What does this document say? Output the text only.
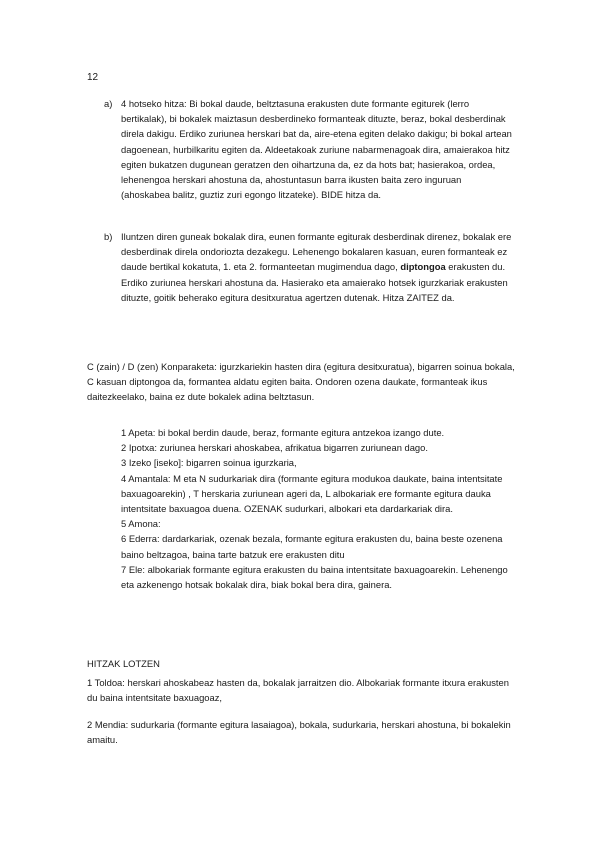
12
a) 4 hotseko hitza: Bi bokal daude, beltztasuna erakusten dute formante egiturek (lerro bertikalak), bi bokalek maiztasun desberdineko formanteak dituzte, beraz, bokal desberdinak direla dakigu. Erdiko zuriunea herskari bat da, aire-etena egiten delako dakigu; bi bokal artean dagoenean, hurbilkaritu egiten da. Aldeetakoak zuriune nabarmenagoak dira, amaierakoa hitz egiten bukatzen dugunean geratzen den oihartzuna da, ez da hots bat; hasierakoa, ordea, lehenengoa herskari ahostuna da, ahostuntasun barra ikusten baita zero inguruan (ahoskabea balitz, guztiz zuri egongo litzateke). BIDE hitza da.

b) Iluntzen diren guneak bokalak dira, eunen formante egiturak desberdinak direnez, bokalak ere desberdinak direla ondoriozta dezakegu. Lehenengo bokalaren kasuan, euren formanteak ez daude bertikal kokatuta, 1. eta 2. formanteetan mugimendua dago, diptongoa erakusten du. Erdiko zuriunea herskari ahostuna da. Hasierako eta amaierako hotsek igurzkariak erakusten dituzte, goitik beherako egitura desitxuratua agertzen dutenak. Hitza ZAITEZ da.

C (zain) / D (zen) Konparaketa: igurzkariekin hasten dira (egitura desitxuratua), bigarren soinua bokala, C kasuan diptongoa da, formantea aldatu egiten baita. Ondoren ozena daukate, formanteak ikus daitezkeelako, baina ez dute bokalek adina beltztasun.

1 Apeta: bi bokal berdin daude, beraz, formante egitura antzekoa izango dute.

2 Ipotxa: zuriunea herskari ahoskabea, afrikatua bigarren zuriunean dago.

3 Izeko [iseko]: bigarren soinua igurzkaria,

4 Amantala: M eta N sudurkariak dira (formante egitura modukoa daukate, baina intentsitate baxuagoarekin) , T herskaria zuriunean ageri da, L albokariak ere formante egitura dauka intentsitate baxuagoa duena. OZENAK sudurkari, albokari eta dardarkariak dira.

5 Amona:

6 Ederra: dardarkariak, ozenak bezala, formante egitura erakusten du, baina beste ozenena baino beltzagoa, baina tarte batzuk ere erakusten ditu

7 Ele: albokariak formante egitura erakusten du baina intentsitate baxuagoarekin. Lehenengo eta azkenengo hotsak bokalak dira, biak bokal bera dira, gainera.

HITZAK LOTZEN

1 Toldoa: herskari ahoskabeaz hasten da, bokalak jarraitzen dio. Albokariak formante itxura erakusten du baina intentsitate baxuagoaz,

2 Mendia: sudurkaria (formante egitura lasaiagoa), bokala, sudurkaria, herskari ahostuna, bi bokalekin amaitu.
